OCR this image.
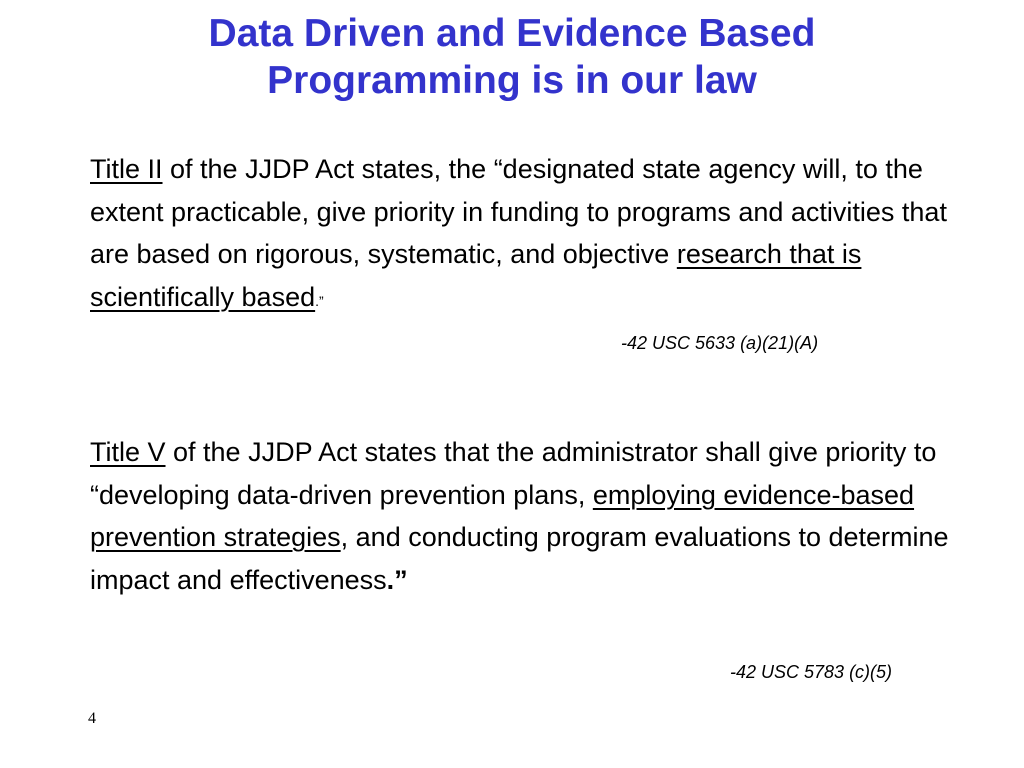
Data Driven and Evidence Based
Programming is in our law

Title II of the JJDP Act states, the “designated state agency will, to the extent practicable, give priority in funding to programs and activities that are based on rigorous, systematic, and objective research that is scientifically based.”

-42 USC 5633 (a)(21)(A)

Title V of the JJDP Act states that the administrator shall give priority to “developing data-driven prevention plans, employing evidence-based prevention strategies, and conducting program evaluations to determine impact and effectiveness.”

-42 USC 5783 (c)(5)

4
